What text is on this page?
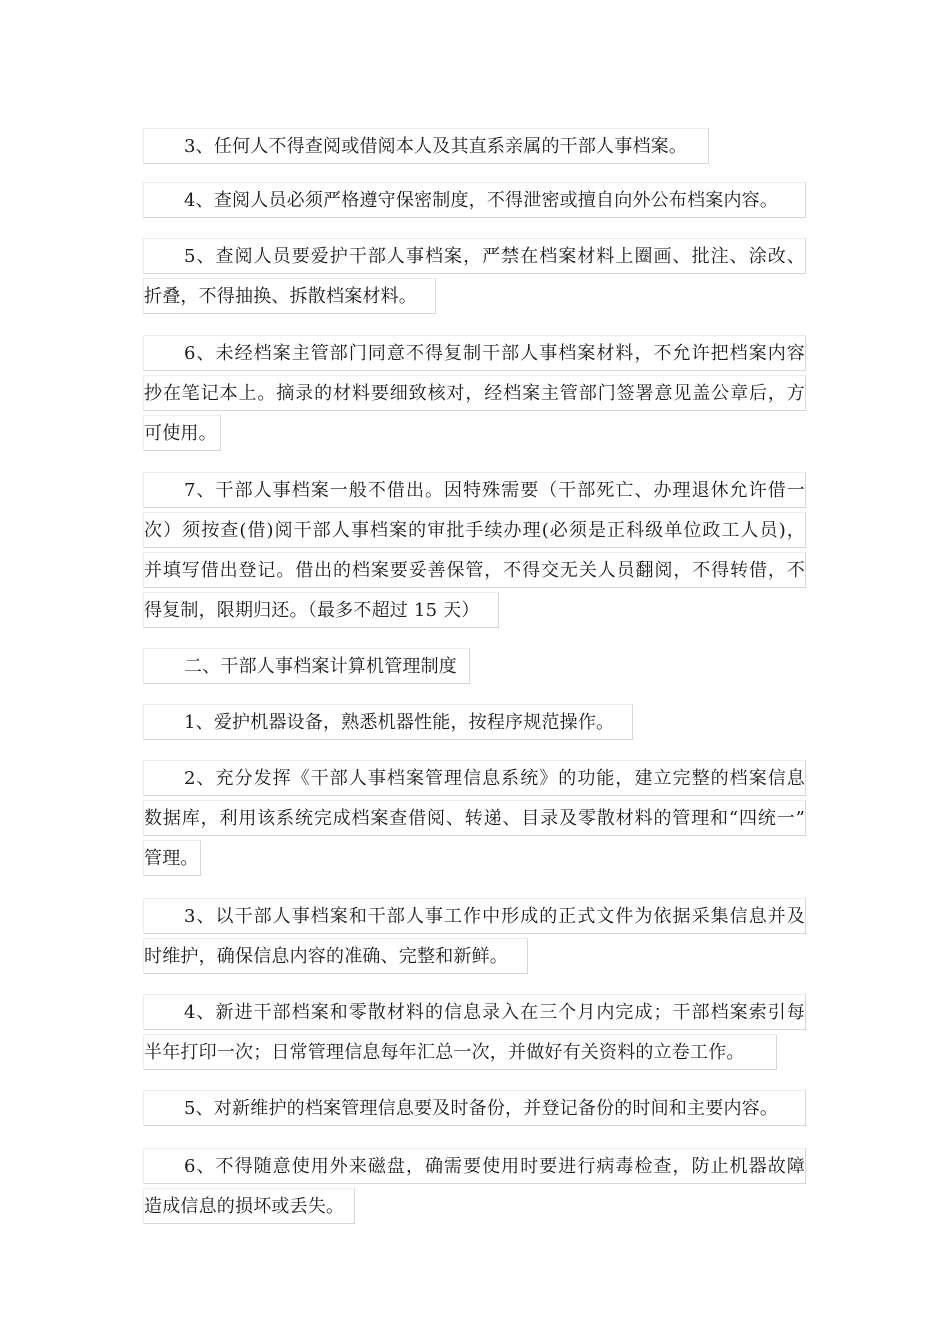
3、任何人不得查阅或借阅本人及其直系亲属的干部人事档案。
4、查阅人员必须严格遵守保密制度，不得泄密或擅自向外公布档案内容。
5、查阅人员要爱护干部人事档案，严禁在档案材料上圈画、批注、涂改、
折叠，不得抽换、拆散档案材料。
6、未经档案主管部门同意不得复制干部人事档案材料，不允许把档案内容
抄在笔记本上。摘录的材料要细致核对，经档案主管部门签署意见盖公章后，方
可使用。
7、干部人事档案一般不借出。因特殊需要（干部死亡、办理退休允许借一
次）须按查(借)阅干部人事档案的审批手续办理(必须是正科级单位政工人员)，
并填写借出登记。借出的档案要妥善保管，不得交无关人员翻阅，不得转借，不
得复制，限期归还。（最多不超过 15 天）
二、干部人事档案计算机管理制度
1、爱护机器设备，熟悉机器性能，按程序规范操作。
2、充分发挥《干部人事档案管理信息系统》的功能，建立完整的档案信息
数据库，利用该系统完成档案查借阅、转递、目录及零散材料的管理和“四统一”
管理。
3、以干部人事档案和干部人事工作中形成的正式文件为依据采集信息并及
时维护，确保信息内容的准确、完整和新鲜。
4、新进干部档案和零散材料的信息录入在三个月内完成；干部档案索引每
半年打印一次；日常管理信息每年汇总一次，并做好有关资料的立卷工作。
5、对新维护的档案管理信息要及时备份，并登记备份的时间和主要内容。
6、不得随意使用外来磁盘，确需要使用时要进行病毒检查，防止机器故障
造成信息的损坏或丢失。
